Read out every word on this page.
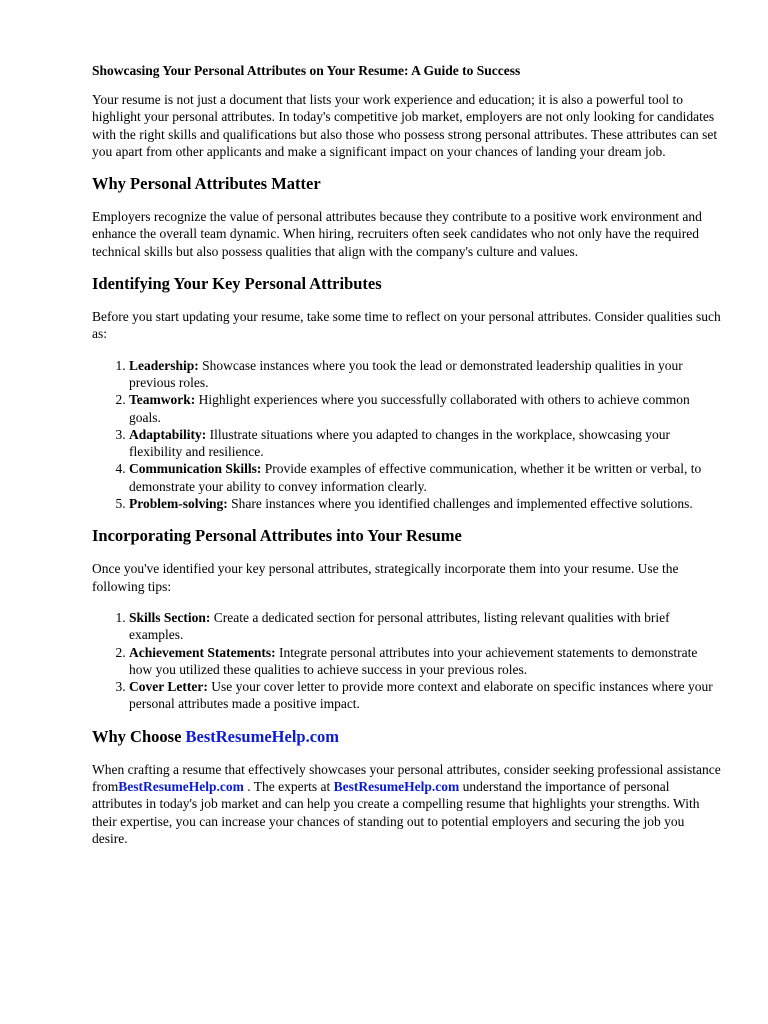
Showcasing Your Personal Attributes on Your Resume: A Guide to Success

Your resume is not just a document that lists your work experience and education; it is also a powerful tool to highlight your personal attributes. In today's competitive job market, employers are not only looking for candidates with the right skills and qualifications but also those who possess strong personal attributes. These attributes can set you apart from other applicants and make a significant impact on your chances of landing your dream job.

Why Personal Attributes Matter

Employers recognize the value of personal attributes because they contribute to a positive work environment and enhance the overall team dynamic. When hiring, recruiters often seek candidates who not only have the required technical skills but also possess qualities that align with the company's culture and values.

Identifying Your Key Personal Attributes

Before you start updating your resume, take some time to reflect on your personal attributes. Consider qualities such as:

1. Leadership: Showcase instances where you took the lead or demonstrated leadership qualities in your previous roles.
2. Teamwork: Highlight experiences where you successfully collaborated with others to achieve common goals.
3. Adaptability: Illustrate situations where you adapted to changes in the workplace, showcasing your flexibility and resilience.
4. Communication Skills: Provide examples of effective communication, whether it be written or verbal, to demonstrate your ability to convey information clearly.
5. Problem-solving: Share instances where you identified challenges and implemented effective solutions.
Incorporating Personal Attributes into Your Resume

Once you've identified your key personal attributes, strategically incorporate them into your resume. Use the following tips:

1. Skills Section: Create a dedicated section for personal attributes, listing relevant qualities with brief examples.
2. Achievement Statements: Integrate personal attributes into your achievement statements to demonstrate how you utilized these qualities to achieve success in your previous roles.
3. Cover Letter: Use your cover letter to provide more context and elaborate on specific instances where your personal attributes made a positive impact.
Why Choose BestResumeHelp.com

When crafting a resume that effectively showcases your personal attributes, consider seeking professional assistance fromBestResumeHelp.com . The experts at BestResumeHelp.com understand the importance of personal attributes in today's job market and can help you create a compelling resume that highlights your strengths. With their expertise, you can increase your chances of standing out to potential employers and securing the job you desire.
